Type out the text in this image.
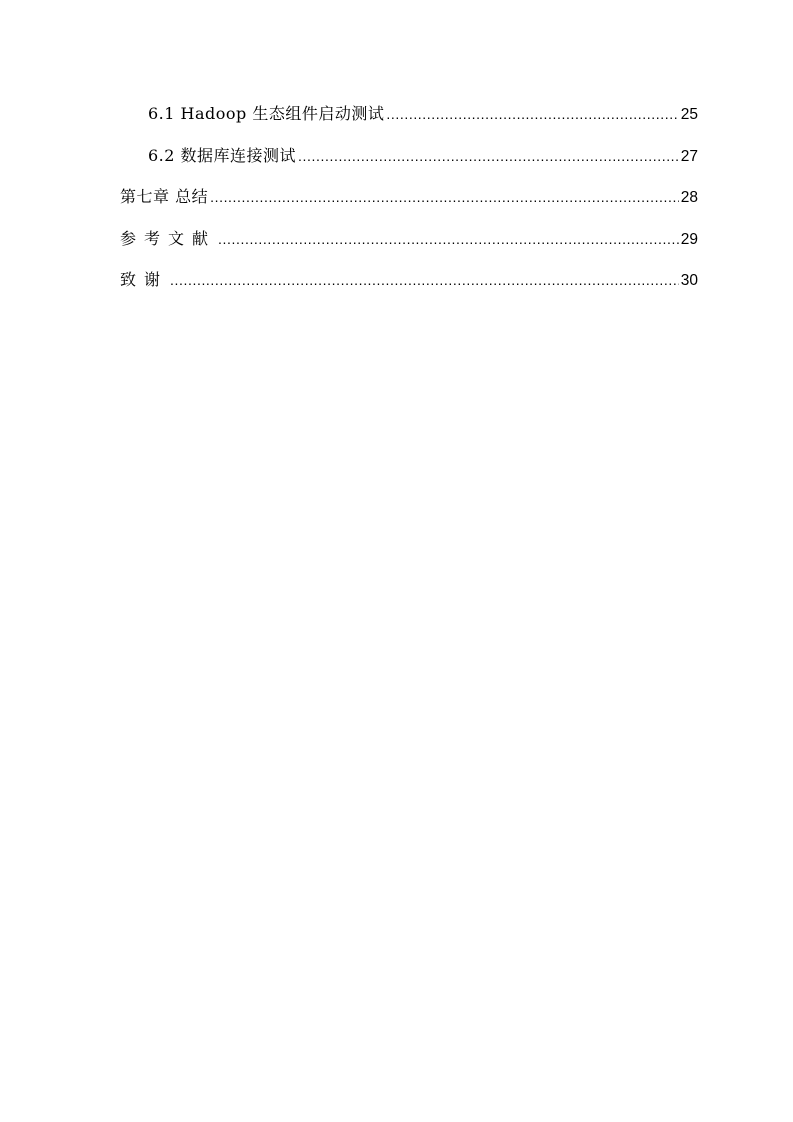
6.1 Hadoop 生态组件启动测试 .....	25
6.2 数据库连接测试 .....	27
第七章 总结 .....	28
参考文献 .....	29
致谢 .....	30
